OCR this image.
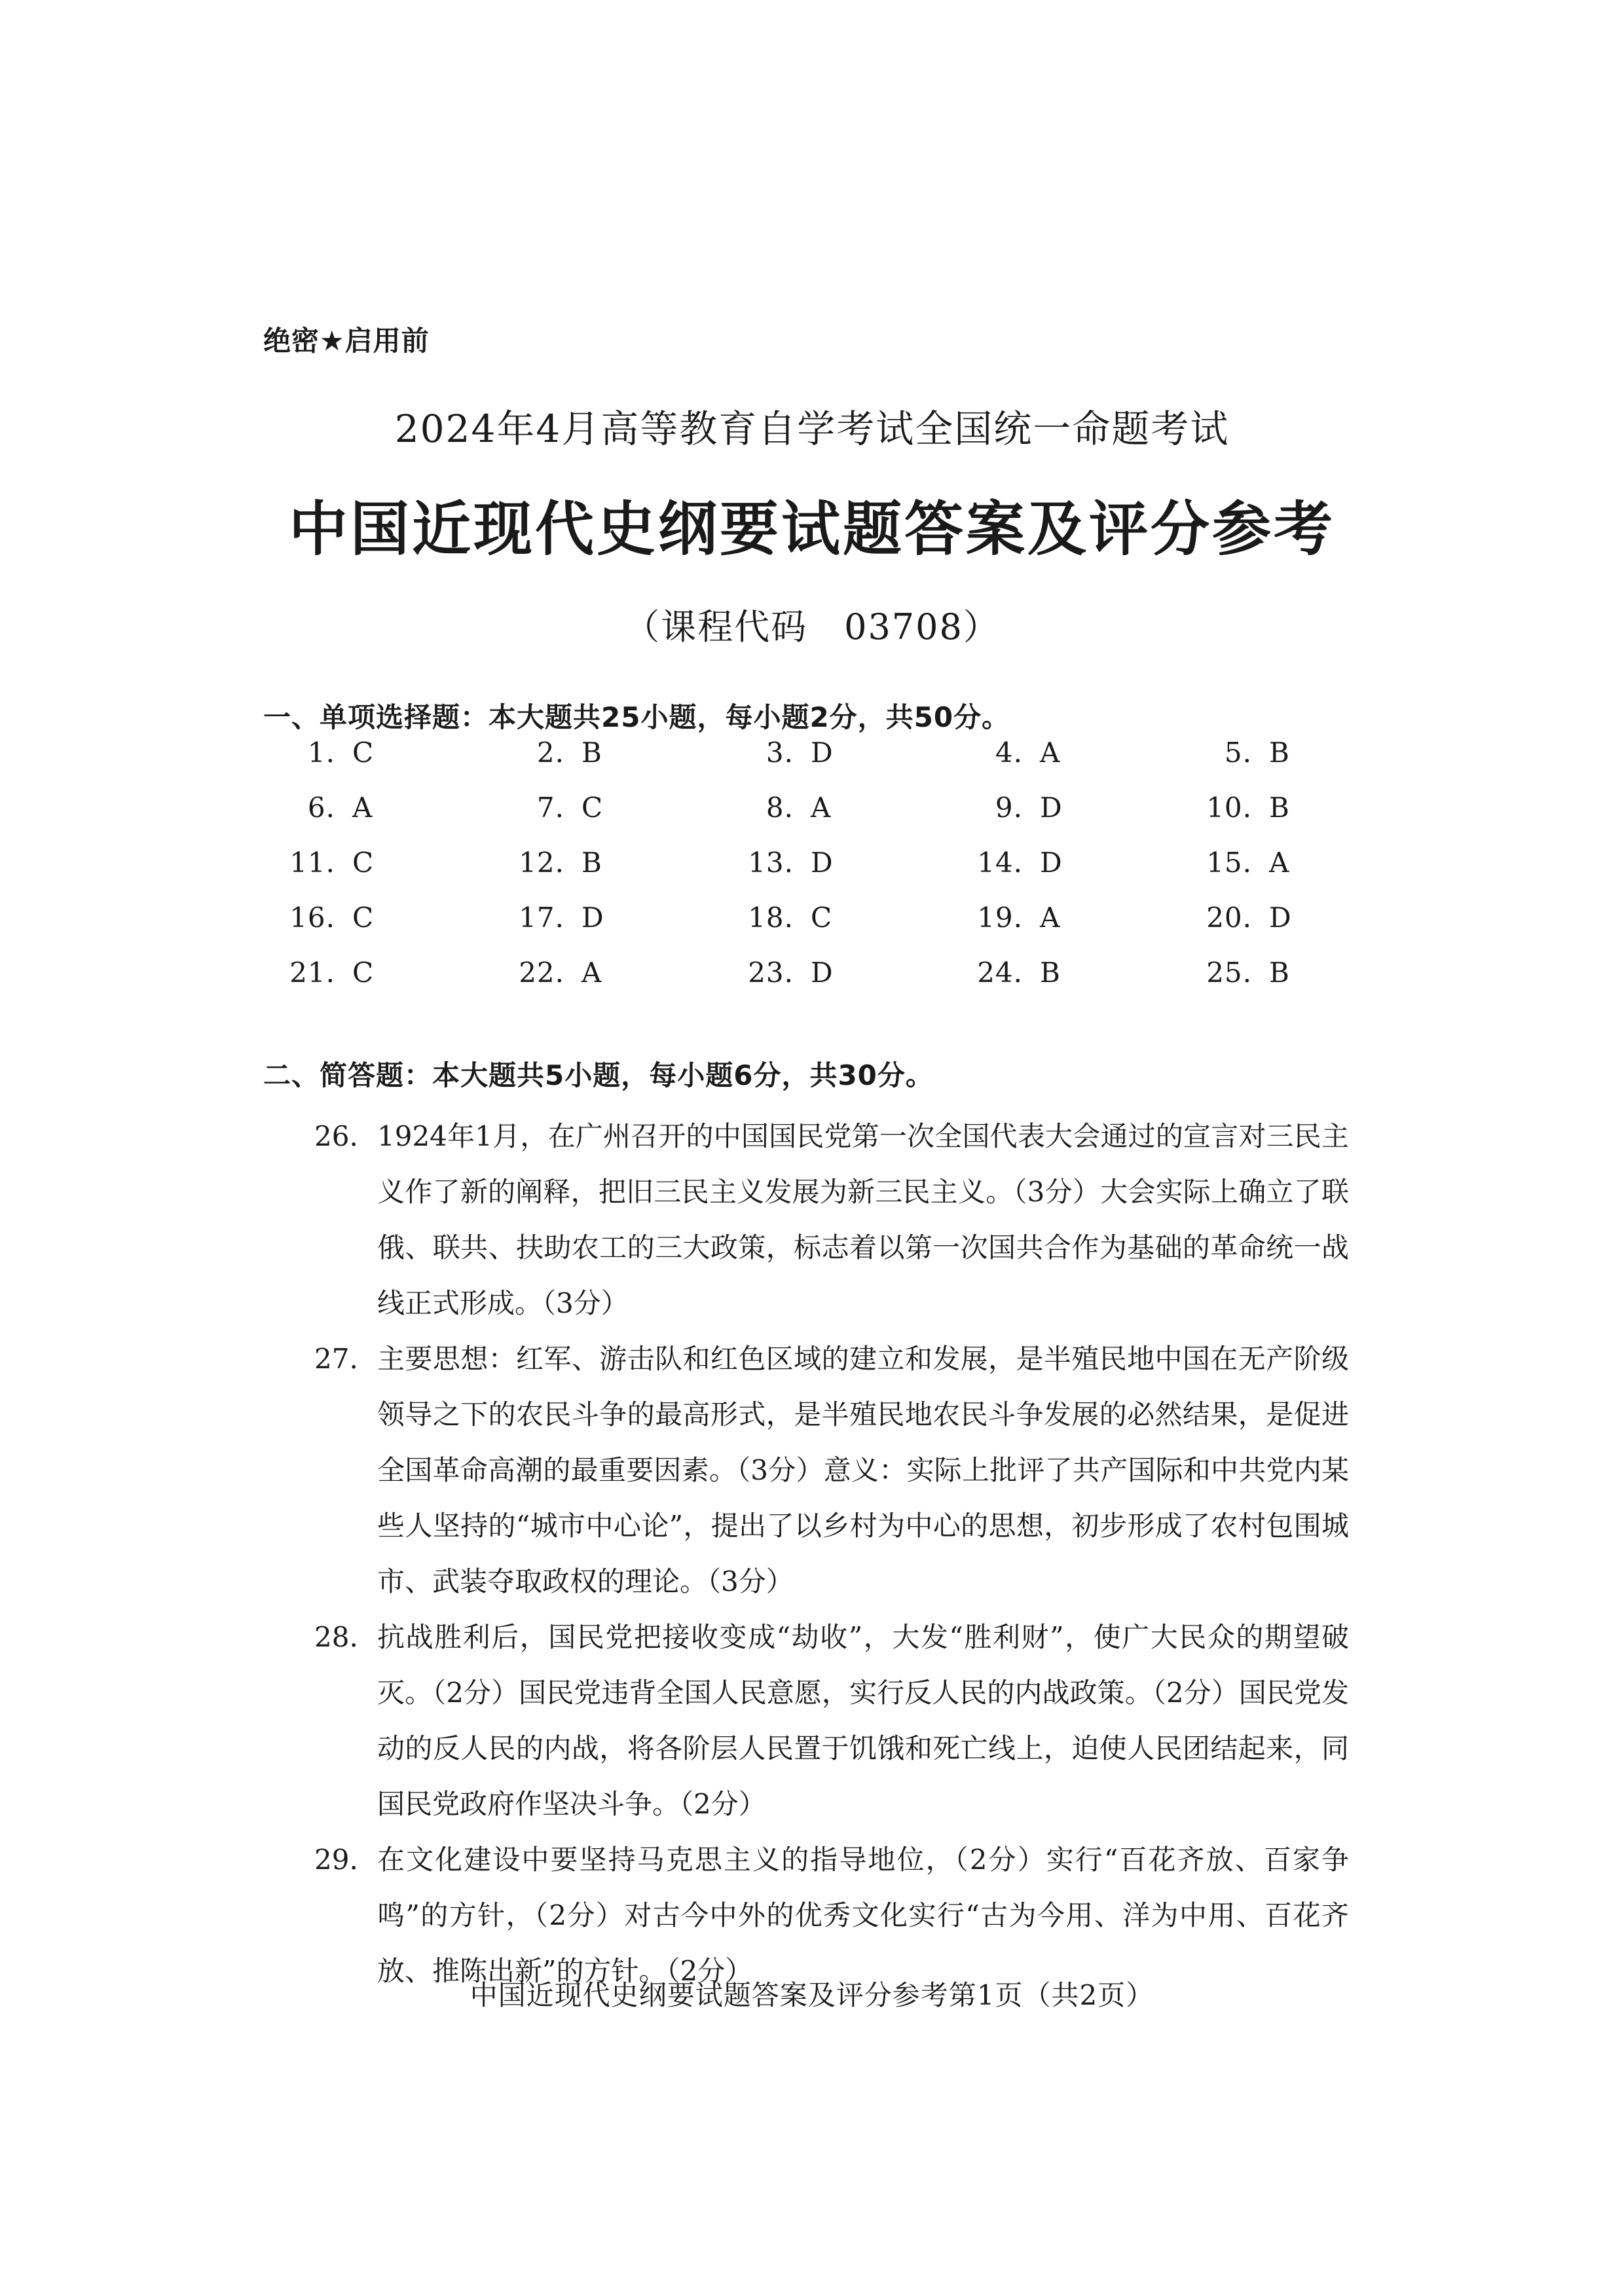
绝密★启用前
2024年4月高等教育自学考试全国统一命题考试
中国近现代史纲要试题答案及评分参考
（课程代码　03708）
一、单项选择题：本大题共25小题，每小题2分，共50分。
1. C	2. B	3. D	4. A	5. B
6. A	7. C	8. A	9. D	10. B
11. C	12. B	13. D	14. D	15. A
16. C	17. D	18. C	19. A	20. D
21. C	22. A	23. D	24. B	25. B
二、简答题：本大题共5小题，每小题6分，共30分。
26. 1924年1月，在广州召开的中国国民党第一次全国代表大会通过的宣言对三民主义作了新的阐释，把旧三民主义发展为新三民主义。（3分）大会实际上确立了联俄、联共、扶助农工的三大政策，标志着以第一次国共合作为基础的革命统一战线正式形成。（3分）
27. 主要思想：红军、游击队和红色区域的建立和发展，是半殖民地中国在无产阶级领导之下的农民斗争的最高形式，是半殖民地农民斗争发展的必然结果，是促进全国革命高潮的最重要因素。（3分）意义：实际上批评了共产国际和中共党内某些人坚持的“城市中心论”，提出了以乡村为中心的思想，初步形成了农村包围城市、武装夺取政权的理论。（3分）
28. 抗战胜利后，国民党把接收变成“劫收”，大发“胜利财”，使广大民众的期望破灭。（2分）国民党违背全国人民意愿，实行反人民的内战政策。（2分）国民党发动的反人民的内战，将各阶层人民置于饥饿和死亡线上，迫使人民团结起来，同国民党政府作坚决斗争。（2分）
29. 在文化建设中要坚持马克思主义的指导地位，（2分）实行“百花齐放、百家争鸣”的方针，（2分）对古今中外的优秀文化实行“古为今用、洋为中用、百花齐放、推陈出新”的方针。（2分）
中国近现代史纲要试题答案及评分参考第1页（共2页）
